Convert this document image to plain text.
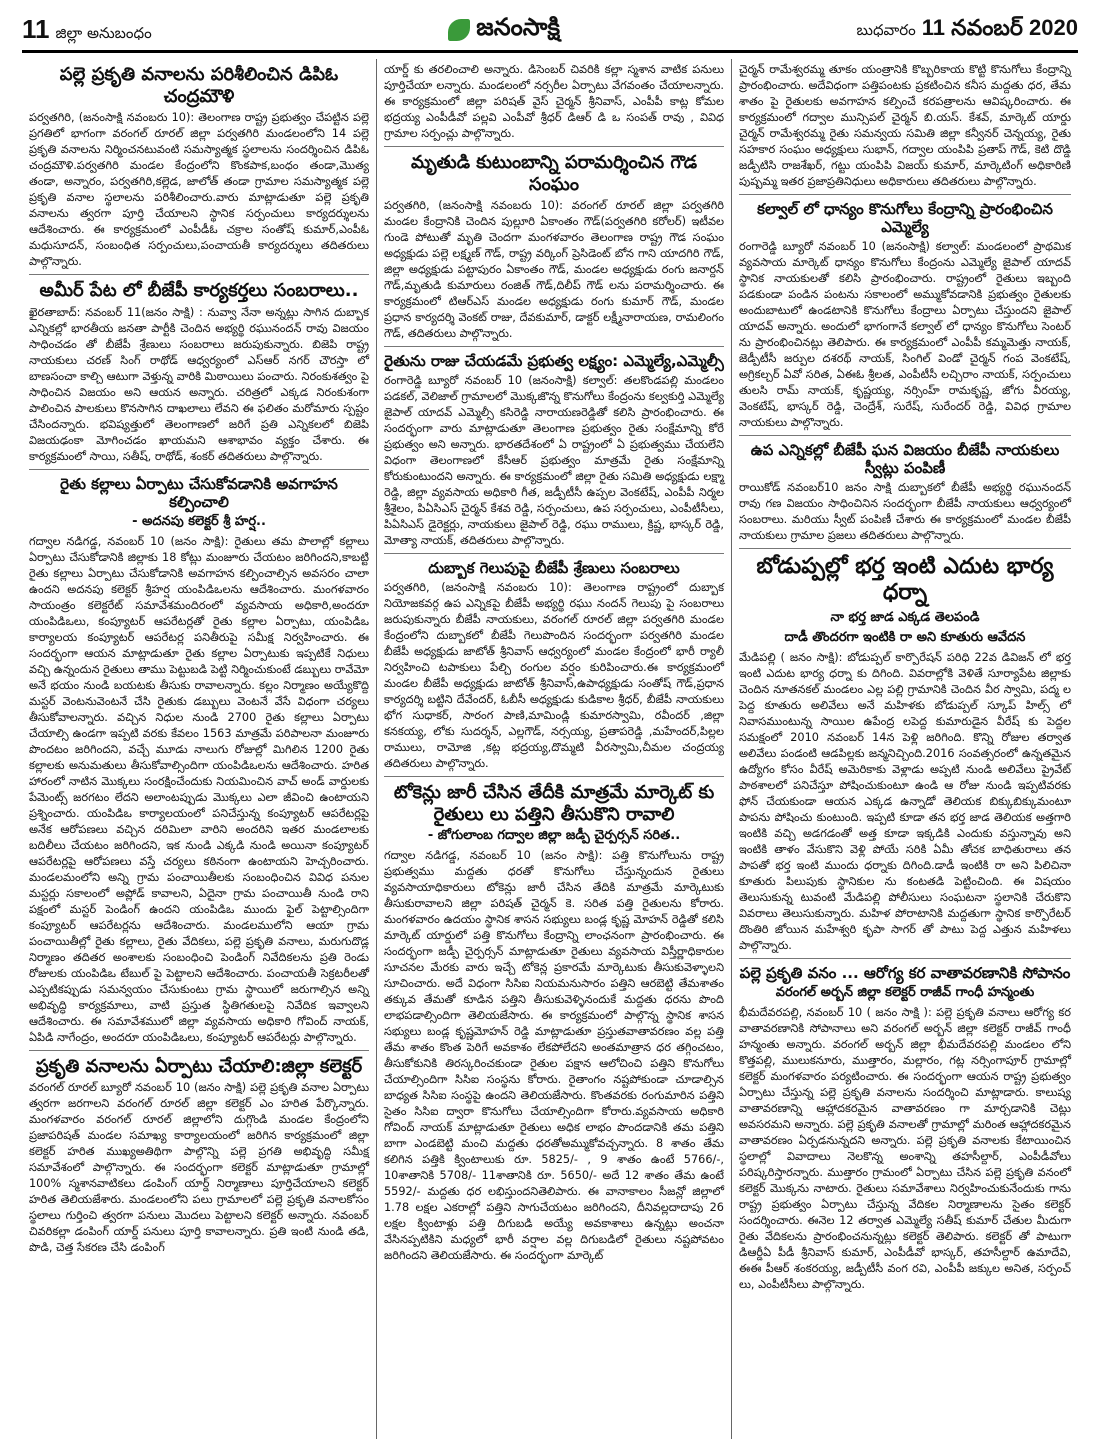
11 జిల్లా అనుబంధం	జనంసాక్షి	బుధవారం 11 నవంబర్ 2020
పల్లె ప్రకృతి వనాలను పరిశీలించిన డిపిఓ చంద్రమౌళి

పర్వతగిరి, (జనంసాక్షి నవంబరు 10): తెలంగాణ రాష్ట్ర ప్రభుత్వం చేపట్టిన పల్లె ప్రగతిలో భాగంగా వరంగల్ రూరల్ జిల్లా పర్వతగిరి మండలంలోని 14 పల్లె ప్రకృతి వనాలను నిర్మించనటువంటి సమస్యాత్మక స్థలాలను సందర్శించిన డిపిఓ చంద్రమౌళి.పర్వతగిరి మండల కేంద్రంలోని కొంకపాక,బంధం తండా,మొత్య తండా, అన్నారం, పర్వతగిరి,కల్లెడ, జాలోత్ తండా గ్రామాల సమస్యాత్మక పల్లె ప్రకృతి వనాల స్థలాలను పరిశీలించారు.వారు మాట్లాడుతూ పల్లె ప్రకృతి వనాలను త్వరగా పూర్తి చేయాలని స్థానిక సర్పంచులు కార్యదర్శులను ఆదేశించారు. ఈ కార్యక్రమంలో ఎంపీడీఓ చక్రాల సంతోష్ కుమార్,ఎంపీఓ మధుసూదన్, సంబంధిత సర్పంచులు,పంచాయతీ కార్యదర్శులు తదితరులు పాల్గొన్నారు.

అమీర్ పేట లో బీజేపీ కార్యకర్తలు సంబరాలు..

ఖైరతాబాద్: నవంబర్ 11(జనం సాక్షి) : నువ్వా నేనా అన్నట్లు సాగిన దుబ్బాక ఎన్నికల్లో భారతీయ జనతా పార్టీకి చెందిన అభ్యర్థి రఘునందన్ రావు విజయం సాధించడం తో బీజేపీ శ్రేణులు సంబరాలు జరుపుకున్నారు. బిజెపి రాష్ట్ర నాయకులు చరణ్ సింగ్ రాథోడ్ ఆధ్వర్యంలో ఎస్ఆర్ నగర్ చౌరస్తా లో బాణసంచా కాల్చి ఆటుగా వెళ్తున్న వారికి మిఠాయిలు పంచారు. నిరంకుశత్వం పై సాధించిన విజయం అని ఆయన అన్నారు. చరిత్రలో ఎక్కడ నిరంకుశంగా పాలించిన పాలకులు కొనసాగిన దాఖలాలు లేవని ఈ ఫలితం మరోమారు స్పష్టం చేసిందన్నారు. భవిష్యత్తులో తెలంగాణలో జరిగే ప్రతి ఎన్నికలలో బిజెపి విజయఢంకా మోగించడం ఖాయమని ఆశాభావం వ్యక్తం చేశారు. ఈ కార్యక్రమంలో సాయి, సతీష్, రాథోడ్, శంకర్ తదితరులు పాల్గొన్నారు.

రైతు కల్లాలు ఏర్పాటు చేసుకోవడానికి అవగాహన కల్పించాలి
- అదనపు కలెక్టర్ శ్రీ హర్ష..

గద్వాల నడిగడ్డ, నవంబర్ 10 (జనం సాక్షి): రైతులు తమ పొలాల్లో కల్లాలు ఏర్పాటు చేసుకోడానికి జిల్లాకు 18 కోట్లు మంజూరు చేయటం జరిగిందని,కాబట్టి రైతు కల్లాలు ఏర్పాటు చేసుకోడానికి అవగాహన కల్పించాల్సిన అవసరం చాలా ఉందని అదనపు కలెక్టర్ శ్రీహర్ష యంపిడిఒలను ఆదేశించారు. మంగళవారం సాయంత్రం కలెక్టరేట్ సమావేశమందిరంలో వ్యవసాయ అధికారి,అందరూ యంపిడిఒలు, కంప్యూటర్ ఆపరేటర్లతో రైతు కల్లాల ఏర్పాటు, యంపిడిఒ కార్యాలయ కంప్యూటర్ ఆపరేటర్ల పనితీరుపై సమీక్ష నిర్వహించారు. ఈ సందర్భంగా ఆయన మాట్లాడుతూ రైతు కల్లాల ఏర్పాటుకు ఇప్పటికే నిధులు వచ్చి ఉన్నందున రైతులు తాము పెట్టుబడి పెట్టి నిర్మించుకుంటే డబ్బులు రావేమో అనే భయం నుండి బయటకు తీసుకు రావాలన్నారు. కల్లం నిర్మాణం అయ్యేకొద్ది మస్టర్ వెంటనువెంటనే చేసి రైతుకు డబ్బులు వెంటనే వేసే విధంగా చర్యలు తీసుకోవాలన్నారు. వచ్చిన నిధుల నుండి 2700 రైతు కల్లాలు ఏర్పాటు చేయాల్సి ఉండగా ఇప్పటి వరకు కేవలం 1563 మాత్రమే పరిపాలనా మంజూరు పొందటం జరిగిందని, వచ్చే మూడు నాలుగు రోజుల్లో మిగిలిన 1200 రైతు కల్లాలకు అనుమతులు తీసుకోవాల్సిందిగా యంపిడిఒలను ఆదేశించారు. హరిత హారంలో నాటిన మొక్కలు సంరక్షించేందుకు నియమించిన వాచ్ అండ్ వార్డులకు పేమెంట్స్ జరగటం లేదని అలాంటప్పుడు మొక్కలు ఎలా జీవించి ఉంటాయని ప్రశ్నించారు. యంపిడిఒ కార్యాలయంలో పనిచేస్తున్న కంప్యూటర్ ఆపరేటర్లపై అనేక ఆరోపణలు వచ్చిన దరిమిలా వారిని అందరిని ఇతర మండలాలకు బదిలీలు చేయటం జరిగిందని, ఇక నుండి ఎక్కడి నుండి అయినా కంప్యూటర్ ఆపరేటర్లపై ఆరోపణలు వస్తే చర్యలు కఠినంగా ఉంటాయని హెచ్చరించారు. మండలమంలోని అన్ని గ్రామ పంచాయితీలకు సంబంధించిన వివిధ పనుల మస్టర్లు సకాలంలో అప్లోడ్ కావాలని, ఏదైనా గ్రామ పంచాయితీ నుండి రాని పక్షంలో మస్టర్ పెండింగ్ ఉందని యంపిడిఒ ముందు ఫైల్ పెట్టాల్సిందిగా కంప్యూటర్ ఆపరేటర్లను ఆదేశించారు. మండలములోని ఆయా గ్రామ పంచాయితీల్లో రైతు కల్లాలు, రైతు వేదికలు, పల్లె ప్రకృతి వనాలు, మరుగుదొడ్ల నిర్మాణం తదితర అంశాలకు సంబంధించి పెండింగ్ నివేదికలను ప్రతి రెండు రోజులకు యంపిడిఒ టేబుల్ పై పెట్టాలని ఆదేశించారు. పంచాయతీ సెక్రటరీలతో ఎప్పటికప్పుడు సమన్వయం చేసుకుంటు గ్రామ స్థాయిలో జరుగాల్సిన అన్ని అభివృద్ధి కార్యక్రమాలు, వాటి ప్రస్తుత స్థితిగతులపై నివేదిక ఇవ్వాలని ఆదేశించారు. ఈ సమావేశములో జిల్లా వ్యవసాయ అధికారి గోవింద్ నాయక్, ఏపిడి నాగేంద్రం, అందరూ యంపిడిఒలు, కంప్యూటర్ ఆపరేటర్లు పాల్గొన్నారు.

ప్రకృతి వనాలను ఏర్పాటు చేయాలి:జిల్లా కలెక్టర్

వరంగల్ రూరల్ బ్యూరో నవంబర్ 10 (జనం సాక్షి) పల్లె ప్రకృతి వనాల ఏర్పాటు త్వరగా జరగాలని వరంగల్ రూరల్ జిల్లా కలెక్టర్ ఎం హరిత పేర్కొన్నారు. మంగళవారం వరంగల్ రూరల్ జిల్లాలోని దుగ్గొండి మండల కేంద్రంలోని ప్రజాపరిషత్ మండల సమాఖ్య కార్యాలయంలో జరిగిన కార్యక్రమంలో జిల్లా కలెక్టర్ హరిత ముఖ్యఅతిథిగా పాల్గొన్ని పల్లె ప్రగతి అభివృద్ధి సమీక్ష సమావేశంలో పాల్గొన్నారు. ఈ సందర్భంగా కలెక్టర్ మాట్లాడుతూ గ్రామాల్లో 100% స్మశానవాటికలు డంపింగ్ యార్డ్ నిర్మాణాలు పూర్తిచేయాలని కలెక్టర్ హరిత తెలియజేశారు. మండలంలోని పలు గ్రామాలలో పల్లె ప్రకృతి వనాలకోసం స్థలాలు గుర్తించి త్వరగా పనులు మొదలు పెట్టాలని కలెక్టర్ అన్నారు. నవంబర్ చివరికల్లా డంపింగ్ యార్డ్ పనులు పూర్తి కావాలన్నారు. ప్రతి ఇంటి నుండి తడి, పొడి, చెత్త సేకరణ చేసి డంపింగ్

యార్డ్ కు తరలించాలి అన్నారు. డిసెంబర్ చివరికి కల్లా స్మశాన వాటిక పనులు పూర్తిచేయా లన్నారు. మండలంలో నర్సరీల ఏర్పాటు వేగవంతం చేయాలన్నారు. ఈ కార్యక్రమంలో జిల్లా పరిషత్ వైస్ చైర్మన్ శ్రీనివాస్, ఎంపీపీ కాట్ల కోమల భద్రయ్య ఎంపీడీవో పల్లవి ఎంపీవో శ్రీధర్ డిఆర్ డి ఒ సంపత్ రావు , వివిధ గ్రామాల సర్పంచ్లు పాల్గొన్నారు.

మృతుడి కుటుంబాన్ని పరామర్శించిన గౌడ సంఘం

పర్వతగిరి, (జనంసాక్షి నవంబరు 10): వరంగల్ రూరల్ జిల్లా పర్వతగిరి మండల కేంద్రానికి చెందిన పుల్లూరి ఏకాంతం గౌడ్(పర్వతగిరి కరోలర్) ఇటీవల గుండె పోటుతో మృతి చెందగా మంగళవారం తెలంగాణ రాష్ట్ర గౌడ సంఘం అధ్యక్షుడు పల్లె లక్ష్మణ్ గౌడ్, రాష్ట్ర వర్కింగ్ ప్రెసిడెంట్ బోన గాని యాదగిరి గౌడ్, జిల్లా అధ్యక్షుడు పట్టాపురం ఏకాంతం గౌడ్, మండల అధ్యక్షుడు రంగు జనార్దన్ గౌడ్,మృతుడి కుమారులు రంజిత్ గౌడ్,దిలీప్ గౌడ్ లను పరామర్శించారు. ఈ కార్యక్రమంలో టిఆర్ఎస్ మండల అధ్యక్షుడు రంగు కుమార్ గౌడ్, మండల ప్రధాన కార్యదర్శి వెంకట్ రాజు, దేవకుమార్, డాక్టర్ లక్ష్మీనారాయణ, రామలింగం గౌడ్, తదితరులు పాల్గొన్నారు.

రైతును రాజు చేయడమే ప్రభుత్వ లక్ష్యం: ఎమ్మెల్యే,ఎమ్మెల్సీ

రంగారెడ్డి బ్యూరో నవంబర్ 10 (జనంసాక్షి) కల్వాల్: తలకొండపల్లి మండలం పడకల్, వెలిజాల్ గ్రామాలలో మొక్కజొన్న కొనుగోలు కేంద్రంను కల్వకుర్తి ఎమ్మెల్యే జైపాల్ యాదవ్ ఎమ్మెల్సీ కసిరెడ్డి నారాయణరెడ్డితో కలిసి ప్రారంభించారు. ఈ సందర్భంగా వారు మాట్లాడుతూ తెలంగాణ ప్రభుత్వం రైతు సంక్షేమాన్ని కోరే ప్రభుత్వం అని అన్నారు. భారతదేశంలో ఏ రాష్ట్రంలో ఏ ప్రభుత్వము చేయలేని విధంగా తెలంగాణలో కేసీఆర్ ప్రభుత్వం మాత్రమే రైతు సంక్షేమాన్ని కోరుకుంటుందని అన్నారు. ఈ కార్యక్రమంలో జిల్లా రైతు సమితి అధ్యక్షుడు లక్ష్మా రెడ్డి, జిల్లా వ్యవసాయ అధికారి గీత, జడ్పీటీసీ ఉప్పల వెంకటేష్, ఎంపీపీ నిర్మల శ్రీశైలం, పిఏసిఎస్ చైర్మన్ కేశవ రెడ్డి, సర్పంచులు, ఉప సర్పంచులు, ఎంపీటీసీలు, పిఏసిఎస్ డైరెక్టర్లు, నాయకులు జైపాల్ రెడ్డి, రఘు రాములు, క్రిష్ణ, భాస్కర్ రెడ్డి, మోత్యా నాయక్, తదితరులు పాల్గొన్నారు.

దుబ్బాక గెలుపుపై బీజేపీ శ్రేణులు సంబరాలు

పర్వతగిరి, (జనంసాక్షి నవంబరు 10): తెలంగాణ రాష్ట్రంలో దుబ్బాక నియోజకవర్గ ఉప ఎన్నికపై బీజేపీ అభ్యర్థి రఘు నందన్ గెలుపు పై సంబరాలు జరుపుకున్నారు బీజేపీ నాయకులు, వరంగల్ రూరల్ జిల్లా పర్వతగిరి మండల కేంద్రంలోని దుబ్బాకలో బీజేపీ గెలుపొందిన సందర్భంగా పర్వతగిరి మండల బీజేపీ అధ్యక్షుడు జాటోత్ శ్రీనివాస్ ఆధ్వర్యంలో మండల కేంద్రంలో భారీ ర్యాలీ నిర్వహించి టపాకులు పేల్చి రంగుల వర్షం కురిపించారు.ఈ కార్యక్రమంలో మండల బీజేపీ అధ్యక్షుడు జాటోత్ శ్రీనివాస్,ఉపాధ్యక్షుడు సంతోష్ గౌడ్,ప్రధాన కార్యదర్శి బట్టిని దేవేందర్, ఓబీసీ అధ్యక్షుడు కుడికాల శ్రీధర్, బీజేపీ నాయకులు భోగ సుధాకర్, సారంగ పాణి,మామిండ్లి కుమారస్వామి, రవీందర్ ,జిల్లా కనకయ్య, లోకు సుదర్శన్, ఎల్లగౌడ్, నర్సయ్య, ప్రతాపరెడ్డి ,మహేందర్,పిల్లల రాములు, రామోజి ,కట్ల భద్రయ్య,దొమ్మటి వీరస్వామి,చీమల చంద్రయ్య తదితరులు పాల్గొన్నారు.

టోకెన్లు జారీ చేసిన తేదీకి మాత్రమే మార్కెట్ కు రైతులు లు పత్తిని తీసుకొని రావాలి
- జోగులాంబ గద్వాల జిల్లా జడ్పీ చైర్పర్సన్ సరిత..

గద్వాల నడిగడ్డ, నవంబర్ 10 (జనం సాక్షి): పత్తి కొనుగోలును రాష్ట్ర ప్రభుత్వము మద్దతు ధరతో కొనుగోలు చేస్తున్నందున రైతులు వ్యవసాయాధికారులు టోకెన్లు జారీ చేసిన తేదికి మాత్రమే మార్కెటుకు తీసుకురావాలని జిల్లా పరిషత్ చైర్మన్ కె. సరిత పత్తి రైతులను కోరారు. మంగళవారం ఉదయం స్థానిక శాసన సభ్యులు బండ్ల కృష్ణ మోహన్ రెడ్డితో కలిసి మార్కెట్ యార్డులో పత్తి కొనుగోలు కేంద్రాన్ని లాంఛనంగా ప్రారంభించారు. ఈ సందర్భంగా జడ్పీ చైర్పర్సన్ మాట్లాడుతూ రైతులు వ్యవసాయ విస్తీర్ణాధికారుల సూచనల మేరకు వారు ఇచ్చే టోకెన్ల ప్రకారమే మార్కెటుకు తీసుకువెళ్ళాలని సూచించారు. అదే విధంగా సిసిఐ నియమనుసారం పత్తిని ఆరబెట్టి తేమశాతం తక్కువ తేమతో కూడిన పత్తిని తీసుకువెళ్ళినందుకే మద్దతు ధరను పొంది లాభపడాల్సిందిగా తెలియజేసారు. ఈ కార్యక్రమంలో పాల్గొన్న స్థానిక శాసన సభ్యులు బండ్ల కృష్ణమోహన్ రెడ్డి మాట్లాడుతూ ప్రస్తుతవాతావరణం వల్ల పత్తి తేమ శాతం కొంత పెరిగే అవకాశం లేకపోలేదని అంతమాత్రాన ధర తగ్గించటం, తీసుకోకునికి తిరస్కరించకుండా రైతుల పక్షాన ఆలోచించి పత్తిని కొనుగోలు చేయాల్సిందిగా సిసిఐ సంస్థను కోరారు. రైతాంగం నష్టపోకుండా చూడాల్సిన బాధ్యత సిసిఐ సంస్థపై ఉందని తెలియజేసారు. కొంతవరకు రంగుమారిన పత్తిని సైతం సిసిఐ ద్వారా కొనుగోలు చేయాల్సిందిగా కోరారు.వ్యవసాయ అధికారి గోవింద్ నాయక్ మాట్లాడుతూ రైతులు అధిక లాభం పొందడానికి తమ పత్తిని బాగా ఎండబెట్టి మంచి మద్దతు ధరతోఅమ్ముకోవచ్చన్నారు. 8 శాతం తేమ కలిగిన పత్తికి క్వింటాలుకు రూ. 5825/- , 9 శాతం ఉంటే 5766/-, 10శాతానికి 5708/- 11శాతానికి రూ. 5650/- అదే 12 శాతం తేమ ఉంటే 5592/- మద్దతు ధర లభిస్తుందనితెలిపారు. ఈ వానాకాలం సీజన్లో జిల్లాలో 1.78 లక్షల ఎకరాల్లో పత్తిని సాగుచేయటం జరిగిందని, దీనివల్లదాదాపు 26 లక్షల క్వింటాళ్లు పత్తి దిగుబడి అయ్యే అవకాశాలు ఉన్నట్లు అంచనా వేసినప్పటికిని మధ్యలో భారీ వర్షాల వల్ల దిగుబడిలో రైతులు నష్టపోవటం జరిగిందని తెలియజేసారు. ఈ సందర్భంగా మార్కెట్

చైర్మన్ రామేశ్వరమ్మ తూకం యంత్రానికి కొబ్బరికాయ కొట్టి కొనుగోలు కేంద్రాన్ని ప్రారంభించారు. అదేవిధంగా పత్తిపంటకు ప్రకటించిన కనీస మద్దతు ధర, తేమ శాతం పై రైతులకు అవగాహన కల్పించే కరపత్రాలను ఆవిష్కరించారు. ఈ కార్యక్రమంలో గద్వాల మున్సిపల్ చైర్మన్ బి.యస్. కేశవ్, మార్కెట్ యార్డు చైర్మన్ రామేశ్వరమ్మ రైతు సమన్వయ సమితి జిల్లా కన్వీనర్ చెన్నయ్య, రైతు సహకార సంఘం అధ్యక్షులు సుభాన్, గద్వాల యంపిపి ప్రతాప్ గౌడ్, కెటి దొడ్డి జడ్పీటిసి రాజశేఖర్, గట్టు యంపిపి విజయ్ కుమార్, మార్కెటింగ్ అధికారిణి పుష్పమ్మ ఇతర ప్రజాప్రతినిధులు అధికారులు తదితరులు పాల్గొన్నారు.

కల్వాల్ లో ధాన్యం కొనుగోలు కేంద్రాన్ని ప్రారంభించిన ఎమ్మెల్యే

రంగారెడ్డి బ్యూరో నవంబర్ 10 (జనంసాక్షి) కల్వాల్: మండలంలో ప్రాథమిక వ్యవసాయ మార్కెట్ ధాన్యం కొనుగోలు కేంద్రంను ఎమ్మెల్యే జైపాల్ యాదవ్ స్థానిక నాయకులతో కలిసి ప్రారంభించారు. రాష్ట్రంలో రైతులు ఇబ్బంది పడకుండా పండిన పంటను సకాలంలో అమ్ముకోవడానికి ప్రభుత్వం రైతులకు అందుబాటులో ఉండటానికి కొనుగోలు కేంద్రాలు ఏర్పాటు చేస్తుందని జైపాల్ యాదవ్ అన్నారు. అందులో భాగంగానే కల్వాల్ లో ధాన్యం కొనుగోలు సెంటర్ ను ప్రారంభించినట్లు తెలిపారు. ఈ కార్యక్రమంలో ఎంపీపీ కమ్మమెత్తు నాయక్, జెడ్పీటీసీ జర్పుల దశరథ్ నాయక్, సింగిల్ విండో చైర్మన్ గంప వెంకటేష్, అగ్రికల్చర్ ఏవో సరిత, ఏఈఓ శ్రీలత, ఎంపీటీసీ లచ్చిరాం నాయక్, సర్పంచులు తులసి రామ్ నాయక్, కృష్ణయ్య, నర్సింహ్ రామకృష్ణ, జోగు వీరయ్య, వెంకటేష్, భాస్కర్ రెడ్డి, చెంద్రేశ్, సురేష్, సురేందర్ రెడ్డి, వివిధ గ్రామాల నాయకులు పాల్గొన్నారు.

ఉప ఎన్నికల్లో బీజేపీ ఘన విజయం బీజేపీ నాయకులు స్వీట్లు పంపిణీ

రాయికోడ్ నవంబర్10 జనం సాక్షి దుబ్బాకలో బీజేపీ అభ్యర్థి రఘునందన్ రావు గణ విజయం సాధించినిన సందర్భంగా బీజేపీ నాయకులు ఆధ్వర్యంలో సంబరాలు. మరియు స్వీట్ పంపిణీ చేశారు ఈ కార్యక్రమంలో మండల బీజేపీ నాయకులు గ్రామాల ప్రజలు తదితరులు పాల్గొన్నారు.

బోడుప్పల్లో భర్త ఇంటి ఎదుట భార్య ధర్నా
నా భర్త జాడ ఎక్కడ తెలపండి
దాడీ తొందరగా ఇంటికి రా అని కూతురు ఆవేదన

మేడిపల్లి ( జనం సాక్షి): బోడుప్పల్ కార్పొరేషన్ పరిధి 22వ డివిజన్ లో భర్త ఇంటి ఎదుట భార్య ధర్నా కు దిగింది. వివరాల్లోకి వెళితే సూర్యాపేట జిల్లాకు చెందిన నూతనకల్ మండలం ఎల్ల పల్లి గ్రామానికి చెందిన వీర స్వామి, పద్మ ల పెద్ద కూతురు అలివేలు అనే మహిళకు బోడుప్పల్ స్కూప్ హిల్స్ లో నివాసముంటున్న సాయిల ఉపేంద్ర లపెద్ద కుమారుడైన వీరేష్ కు పెద్దల సమక్షంలో 2010 నవంబర్ 14న పెళ్లి జరిగింది. కొన్ని రోజుల తర్వాత అలివేలు పండంటి ఆడపిల్లకు జన్మనిచ్చింది.2016 సంవత్సరంలో ఉన్నతమైన ఉద్యోగం కోసం వీరేష్ అమెరికాకు వెళ్లాడు అప్పటి నుండి అలివేలు ప్రైవేట్ పాఠశాలలో పనిచేస్తూ పోషించుకుంటూ ఉండి ఆ రోజు నుండి ఇప్పటివరకు ఫోన్ చేయకుండా ఆయన ఎక్కడ ఉన్నాడో తెలియక బిక్కుబిక్కుమంటూ పాపను పోషించు కుంటుంది. ఇప్పటి కూడా తన భర్త జాడ తెలియక అత్తగారి ఇంటికి వచ్చి అడగడంతో అత్త కూడా ఇక్కడికి ఎందుకు వస్తున్నావు అని ఇంటికి తాళం వేసుకొని వెళ్లి పోయే సరికి ఏమీ తోచక బాధితురాలు తన పాపతో భర్త ఇంటి ముందు ధర్నాకు దిగింది.డాడీ ఇంటికి రా అని పిలిచినా కూతురు పిలుపుకు స్థానికుల ను కంటతడి పెట్టించింది. ఈ విషయం తెలుసుకున్న టువంటి మేడిపల్లి పోలీసులు సంఘటనా స్థలానికి చేరుకొని వివరాలు తెలుసుకున్నారు. మహిళ పోరాటానికి మద్దతుగా స్థానిక కార్పొరేటర్ దొంతిరి జోయిన మహేశ్వరి కృపా సాగర్ తో పాటు పెద్ద ఎత్తున మహిళలు పాల్గొన్నారు.

పల్లె ప్రకృతి వనం ... ఆరోగ్య కర వాతావరణానికి సోపానం
వరంగల్ అర్బన్ జిల్లా కలెక్టర్ రాజీవ్ గాంధీ హన్మంతు

భీమదేవరపల్లి, నవంబర్ 10 ( జనం సాక్షి ): పల్లె ప్రకృతి వనాలు ఆరోగ్య కర వాతావరణానికి సోపానాలు అని వరంగల్ అర్బన్ జిల్లా కలెక్టర్ రాజీవ్ గాంధీ హన్మంతు అన్నారు. వరంగల్ అర్బన్ జిల్లా భీమదేవరపల్లి మండలం లోని కొత్తపల్లి, ములుకనూరు, ముత్తారం, మల్లారం, గట్ల నర్సింగాపూర్ గ్రామాల్లో కలెక్టర్ మంగళవారం పర్యటించారు. ఈ సందర్భంగా ఆయన రాష్ట్ర ప్రభుత్వం ఏర్పాటు చేస్తున్న పల్లె ప్రకృతి వనాలను సందర్శించి మాట్లాడారు. కాలుష్య వాతావరణాన్ని ఆహ్లాదకరమైన వాతావరణం గా మార్చడానికి చెట్లు అవసరమని అన్నారు. పల్లె ప్రకృతి వనాలతో గ్రామాల్లో మరింత ఆహ్లాదకరమైన వాతావరణం ఏర్పడనున్నదని అన్నారు. పల్లె ప్రకృతి వనాలకు కేటాయించిన స్థలాల్లో వివాదాలు నెలకొన్న అంశాన్ని తహసీల్దార్, ఎంపీడీవోలు పరిష్కరిస్తారన్నారు. ముత్తారం గ్రామంలో ఏర్పాటు చేసిన పల్లె ప్రకృతి వనంలో కలెక్టర్ మొక్కను నాటారు. రైతులు సమావేశాలు నిర్వహించుకునేందుకు గాను రాష్ట్ర ప్రభుత్వం ఏర్పాటు చేస్తున్న వేదికల నిర్మాణాలను సైతం కలెక్టర్ సందర్శించారు. ఈనెల 12 తర్వాత ఎమ్మెల్యే సతీష్ కుమార్ చేతుల మీదుగా రైతు వేదికలను ప్రారంభించనున్నట్లు కలెక్టర్ తెలిపారు. కలెక్టర్ తో పాటుగా డిఆర్డీఏ పీడీ శ్రీనివాస్ కుమార్, ఎంపీడీవో భాస్కర్, తహసీల్దార్ ఉమాదేవి, ఈఈ పీఆర్ శంకరయ్య, జడ్పీటీసీ వంగ రవి, ఎంపీపీ జక్కుల అనిత, సర్పంచ్ లు, ఎంపీటీసీలు పాల్గొన్నారు.
